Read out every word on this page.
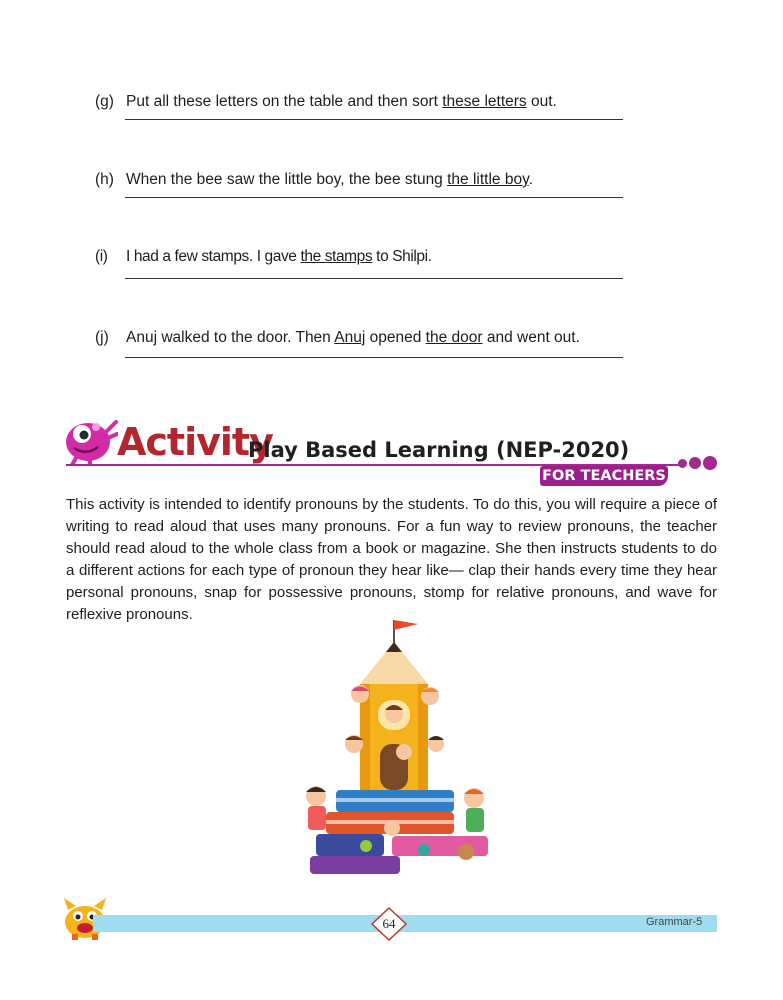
(g) Put all these letters on the table and then sort these letters out.
(h) When the bee saw the little boy, the bee stung the little boy.
(i) I had a few stamps. I gave the stamps to Shilpi.
(j) Anuj walked to the door. Then Anuj opened the door and went out.
Activity
Play Based Learning (NEP-2020)
FOR TEACHERS
This activity is intended to identify pronouns by the students. To do this, you will require a piece of writing to read aloud that uses many pronouns. For a fun way to review pronouns, the teacher should read aloud to the whole class from a book or magazine. She then instructs students to do a different actions for each type of pronoun they hear like— clap their hands every time they hear personal pronouns, snap for possessive pronouns, stomp for relative pronouns, and wave for reflexive pronouns.
64	Grammar-5
